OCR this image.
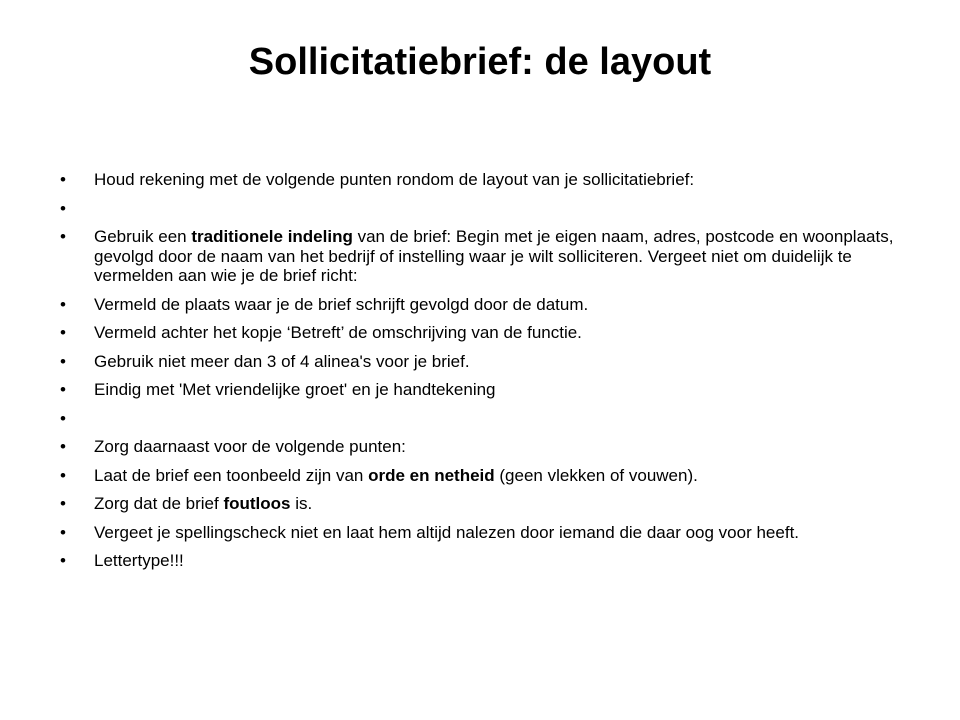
Sollicitatiebrief: de layout
• Houd rekening met de volgende punten rondom de layout van je sollicitatiebrief:
•
• Gebruik een traditionele indeling van de brief: Begin met je eigen naam, adres, postcode en woonplaats, gevolgd door de naam van het bedrijf of instelling waar je wilt solliciteren. Vergeet niet om duidelijk te vermelden aan wie je de brief richt:
• Vermeld de plaats waar je de brief schrijft gevolgd door de datum.
• Vermeld achter het kopje ‘Betreft’ de omschrijving van de functie.
• Gebruik niet meer dan 3 of 4 alinea's voor je brief.
• Eindig met 'Met vriendelijke groet' en je handtekening
•
• Zorg daarnaast voor de volgende punten:
• Laat de brief een toonbeeld zijn van orde en netheid (geen vlekken of vouwen).
• Zorg dat de brief foutloos is.
• Vergeet je spellingscheck niet en laat hem altijd nalezen door iemand die daar oog voor heeft.
• Lettertype!!!
